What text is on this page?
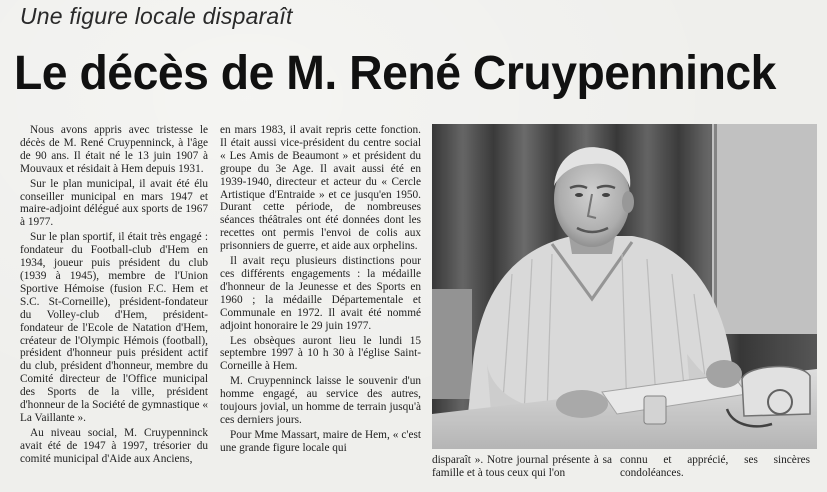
Une figure locale disparaît
Le décès de M. René Cruypenninck

Nous avons appris avec tristesse le décès de M. René Cruypenninck, à l'âge de 90 ans. Il était né le 13 juin 1907 à Mouvaux et résidait à Hem depuis 1931.

Sur le plan municipal, il avait été élu conseiller municipal en mars 1947 et maire-adjoint délégué aux sports de 1967 à 1977.

Sur le plan sportif, il était très engagé : fondateur du Football-club d'Hem en 1934, joueur puis président du club (1939 à 1945), membre de l'Union Sportive Hémoise (fusion F.C. Hem et S.C. St-Corneille), président-fondateur du Volley-club d'Hem, président-fondateur de l'Ecole de Natation d'Hem, créateur de l'Olympic Hémois (football), président d'honneur puis président actif du club, président d'honneur, membre du Comité directeur de l'Office municipal des Sports de la ville, président d'honneur de la Société de gymnastique « La Vaillante ».

Au niveau social, M. Cruypenninck avait été de 1947 à 1997, trésorier du comité municipal d'Aide aux Anciens,

en mars 1983, il avait repris cette fonction. Il était aussi vice-président du centre social « Les Amis de Beaumont » et président du groupe du 3e Age. Il avait aussi été en 1939-1940, directeur et acteur du « Cercle Artistique d'Entraide » et ce jusqu'en 1950. Durant cette période, de nombreuses séances théâtrales ont été données dont les recettes ont permis l'envoi de colis aux prisonniers de guerre, et aide aux orphelins.

Il avait reçu plusieurs distinctions pour ces différents engagements : la médaille d'honneur de la Jeunesse et des Sports en 1960 ; la médaille Départementale et Communale en 1972. Il avait été nommé adjoint honoraire le 29 juin 1977.

Les obsèques auront lieu le lundi 15 septembre 1997 à 10 h 30 à l'église Saint-Corneille à Hem.

M. Cruypenninck laisse le souvenir d'un homme engagé, au service des autres, toujours jovial, un homme de terrain jusqu'à ces derniers jours.

Pour Mme Massart, maire de Hem, « c'est une grande figure locale qui

disparaît ». Notre journal présente à sa famille et à tous ceux qui l'on

connu et apprécié, ses sincères condoléances.
